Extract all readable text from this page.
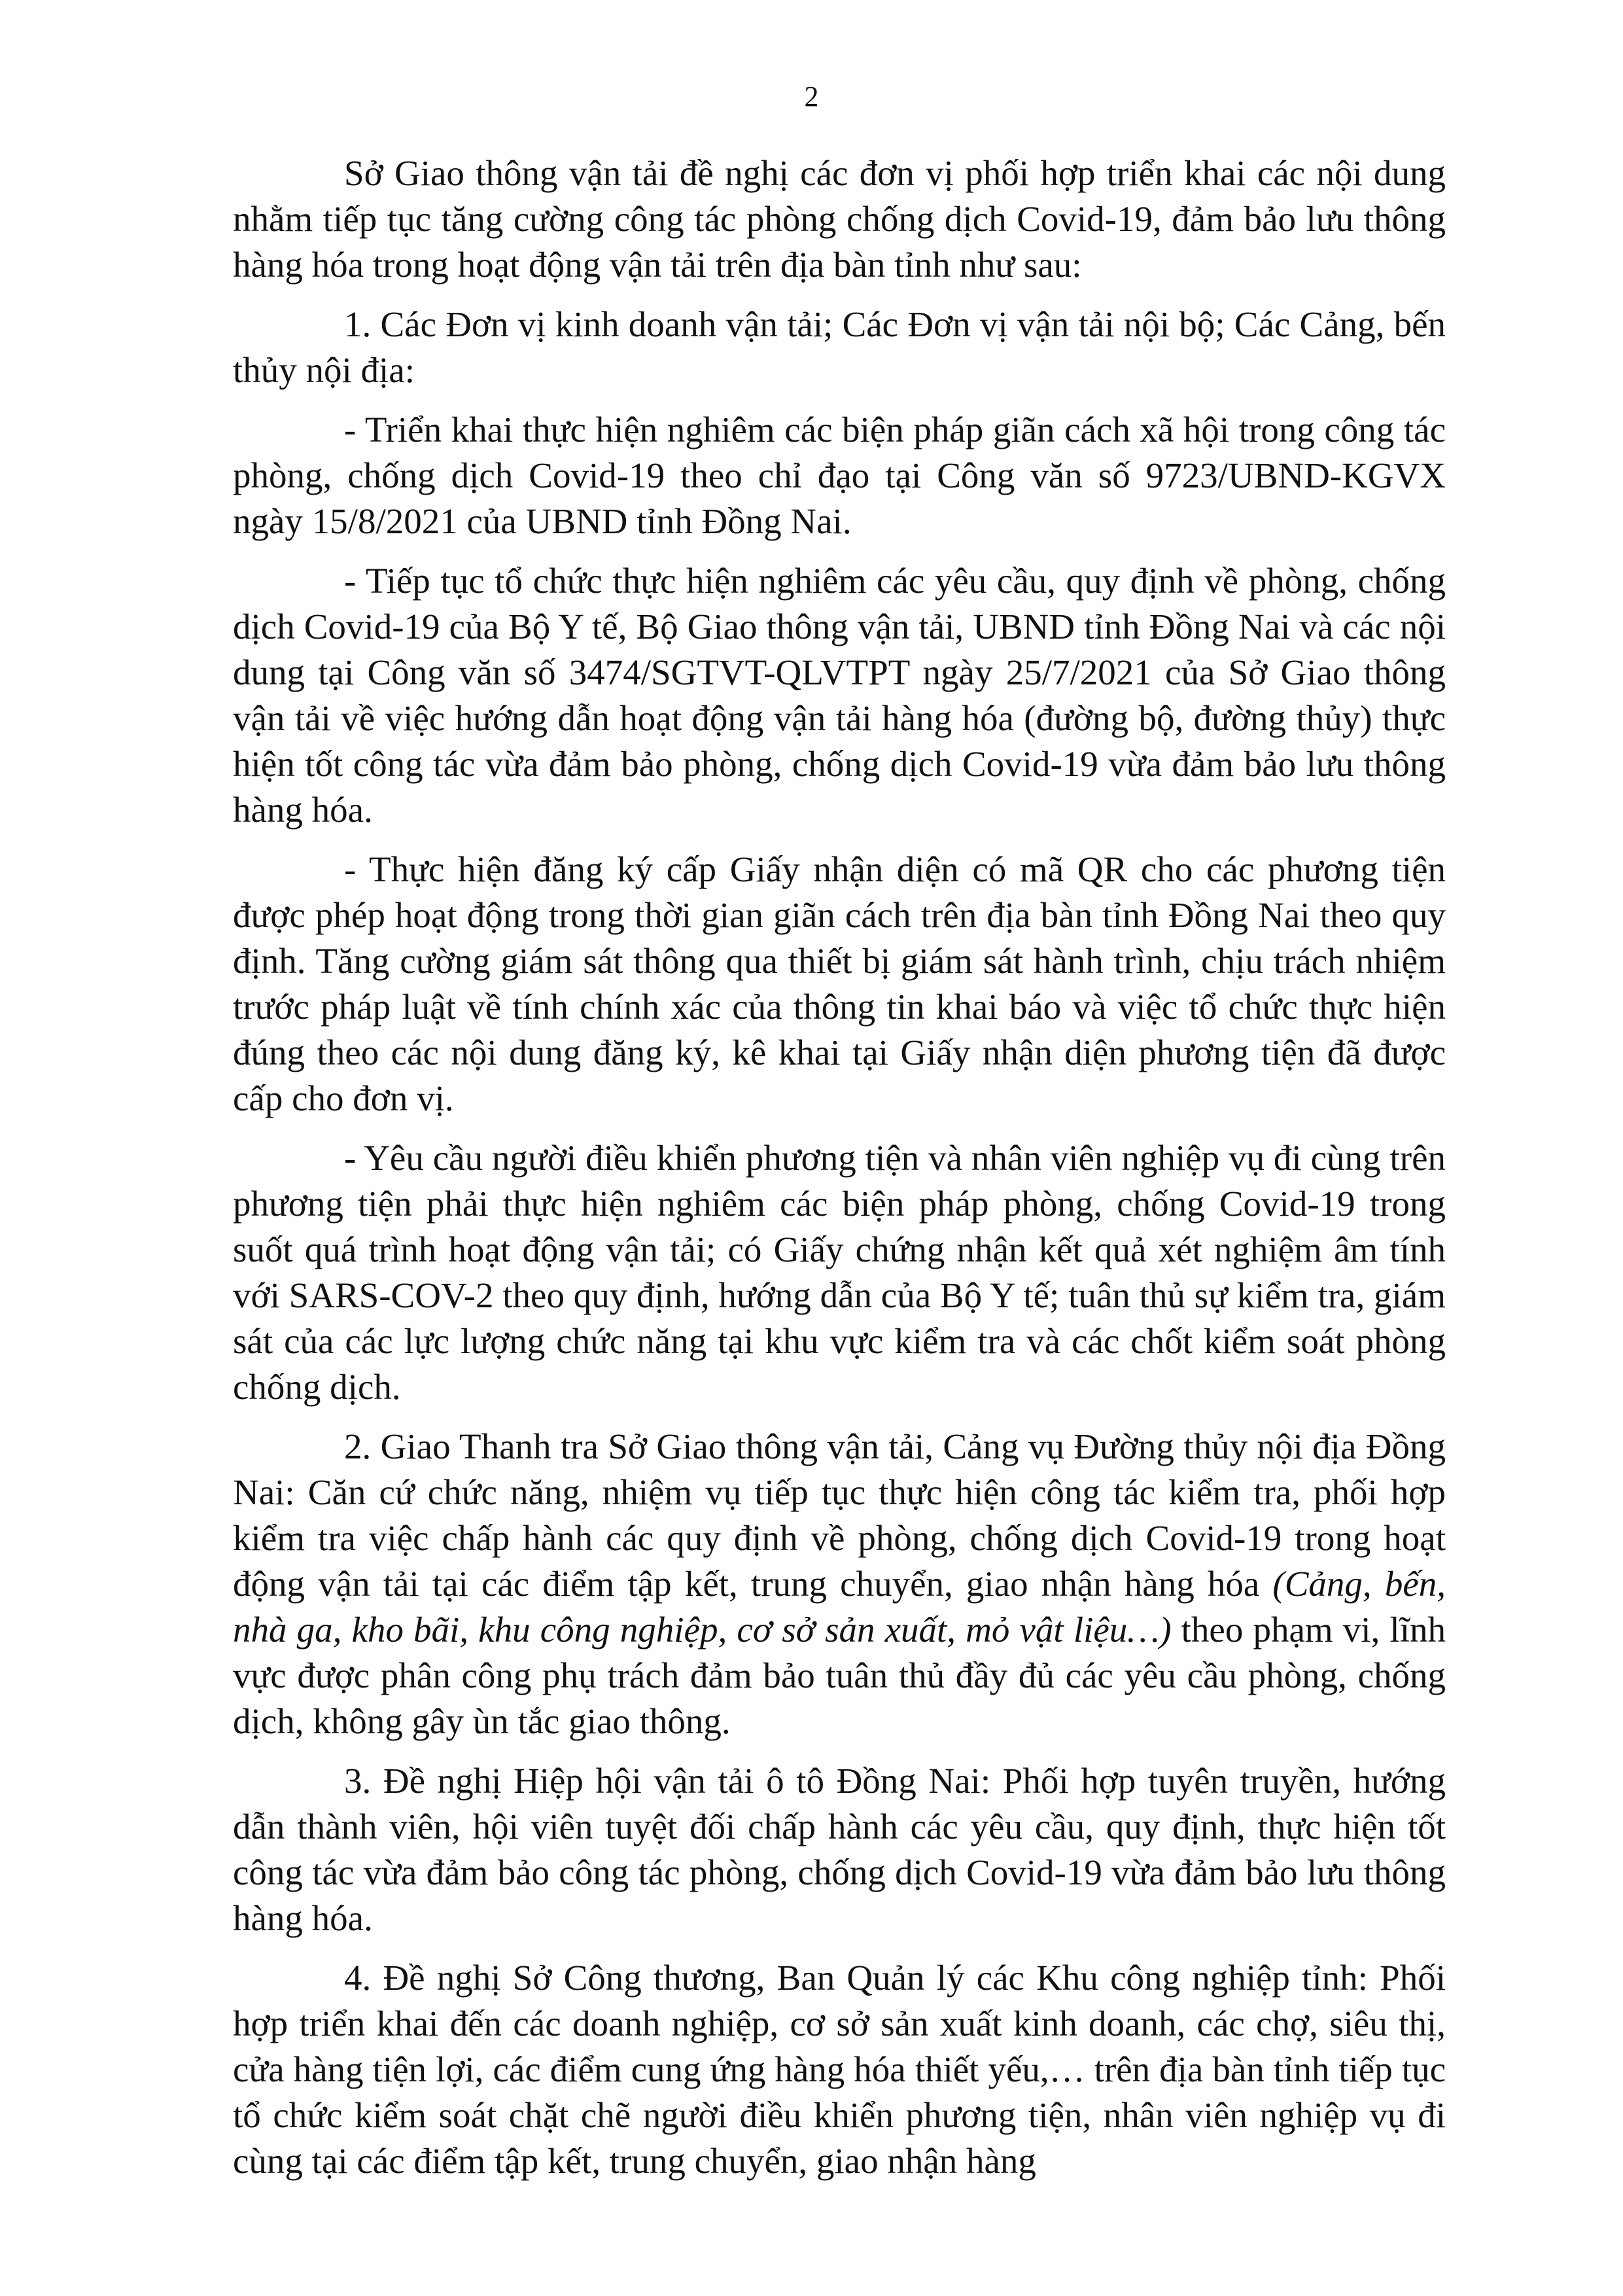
2

Sở Giao thông vận tải đề nghị các đơn vị phối hợp triển khai các nội dung nhằm tiếp tục tăng cường công tác phòng chống dịch Covid-19, đảm bảo lưu thông hàng hóa trong hoạt động vận tải trên địa bàn tỉnh như sau:

1. Các Đơn vị kinh doanh vận tải; Các Đơn vị vận tải nội bộ; Các Cảng, bến thủy nội địa:

- Triển khai thực hiện nghiêm các biện pháp giãn cách xã hội trong công tác phòng, chống dịch Covid-19 theo chỉ đạo tại Công văn số 9723/UBND-KGVX ngày 15/8/2021 của UBND tỉnh Đồng Nai.

- Tiếp tục tổ chức thực hiện nghiêm các yêu cầu, quy định về phòng, chống dịch Covid-19 của Bộ Y tế, Bộ Giao thông vận tải, UBND tỉnh Đồng Nai và các nội dung tại Công văn số 3474/SGTVT-QLVTPT ngày 25/7/2021 của Sở Giao thông vận tải về việc hướng dẫn hoạt động vận tải hàng hóa (đường bộ, đường thủy) thực hiện tốt công tác vừa đảm bảo phòng, chống dịch Covid-19 vừa đảm bảo lưu thông hàng hóa.

- Thực hiện đăng ký cấp Giấy nhận diện có mã QR cho các phương tiện được phép hoạt động trong thời gian giãn cách trên địa bàn tỉnh Đồng Nai theo quy định. Tăng cường giám sát thông qua thiết bị giám sát hành trình, chịu trách nhiệm trước pháp luật về tính chính xác của thông tin khai báo và việc tổ chức thực hiện đúng theo các nội dung đăng ký, kê khai tại Giấy nhận diện phương tiện đã được cấp cho đơn vị.

- Yêu cầu người điều khiển phương tiện và nhân viên nghiệp vụ đi cùng trên phương tiện phải thực hiện nghiêm các biện pháp phòng, chống Covid-19 trong suốt quá trình hoạt động vận tải; có Giấy chứng nhận kết quả xét nghiệm âm tính với SARS-COV-2 theo quy định, hướng dẫn của Bộ Y tế; tuân thủ sự kiểm tra, giám sát của các lực lượng chức năng tại khu vực kiểm tra và các chốt kiểm soát phòng chống dịch.

2. Giao Thanh tra Sở Giao thông vận tải, Cảng vụ Đường thủy nội địa Đồng Nai: Căn cứ chức năng, nhiệm vụ tiếp tục thực hiện công tác kiểm tra, phối hợp kiểm tra việc chấp hành các quy định về phòng, chống dịch Covid-19 trong hoạt động vận tải tại các điểm tập kết, trung chuyển, giao nhận hàng hóa (Cảng, bến, nhà ga, kho bãi, khu công nghiệp, cơ sở sản xuất, mỏ vật liệu…) theo phạm vi, lĩnh vực được phân công phụ trách đảm bảo tuân thủ đầy đủ các yêu cầu phòng, chống dịch, không gây ùn tắc giao thông.

3. Đề nghị Hiệp hội vận tải ô tô Đồng Nai: Phối hợp tuyên truyền, hướng dẫn thành viên, hội viên tuyệt đối chấp hành các yêu cầu, quy định, thực hiện tốt công tác vừa đảm bảo công tác phòng, chống dịch Covid-19 vừa đảm bảo lưu thông hàng hóa.

4. Đề nghị Sở Công thương, Ban Quản lý các Khu công nghiệp tỉnh: Phối hợp triển khai đến các doanh nghiệp, cơ sở sản xuất kinh doanh, các chợ, siêu thị, cửa hàng tiện lợi, các điểm cung ứng hàng hóa thiết yếu,… trên địa bàn tỉnh tiếp tục tổ chức kiểm soát chặt chẽ người điều khiển phương tiện, nhân viên nghiệp vụ đi cùng tại các điểm tập kết, trung chuyển, giao nhận hàng
